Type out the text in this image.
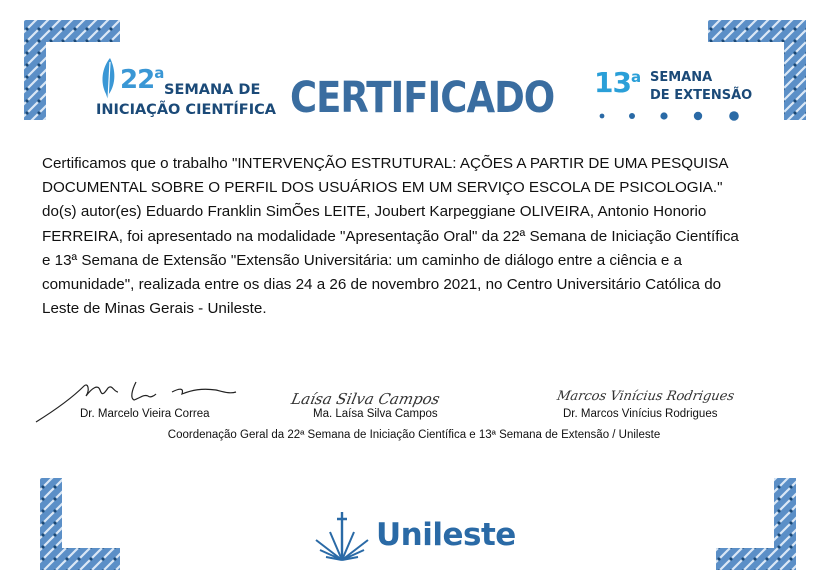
22$^a$
SEMANA DE
INICIAÇÃO CIENTÍFICA CERTIFICADO 13$^a$ SEMANA
DE EXTENSÃO
Certificamos que o trabalho "INTERVENÇÃO ESTRUTURAL: AÇÕES A PARTIR DE UMA PESQUISA
DOCUMENTAL SOBRE O PERFIL DOS USUÁRIOS EM UM SERVIÇO ESCOLA DE PSICOLOGIA."
do(s) autor(es) Eduardo Franklin SimÕes LEITE, Joubert Karpeggiane OLIVEIRA, Antonio Honorio
FERREIRA, foi apresentado na modalidade "Apresentação Oral" da 22ª Semana de Iniciação Científica
e 13ª Semana de Extensão "Extensão Universitária: um caminho de diálogo entre a ciência e a
comunidade", realizada entre os dias 24 a 26 de novembro 2021, no Centro Universitário Católica do
Leste de Minas Gerais - Unileste.
Dr. Marcelo Vieira Correa
Laísa Silva Campos
Ma. Laísa Silva Campos
Marcos Vinícius Rodrigues
Dr. Marcos Vinícius Rodrigues
Coordenação Geral da 22ª Semana de Iniciação Científica e 13ª Semana de Extensão / Unileste
Unileste
